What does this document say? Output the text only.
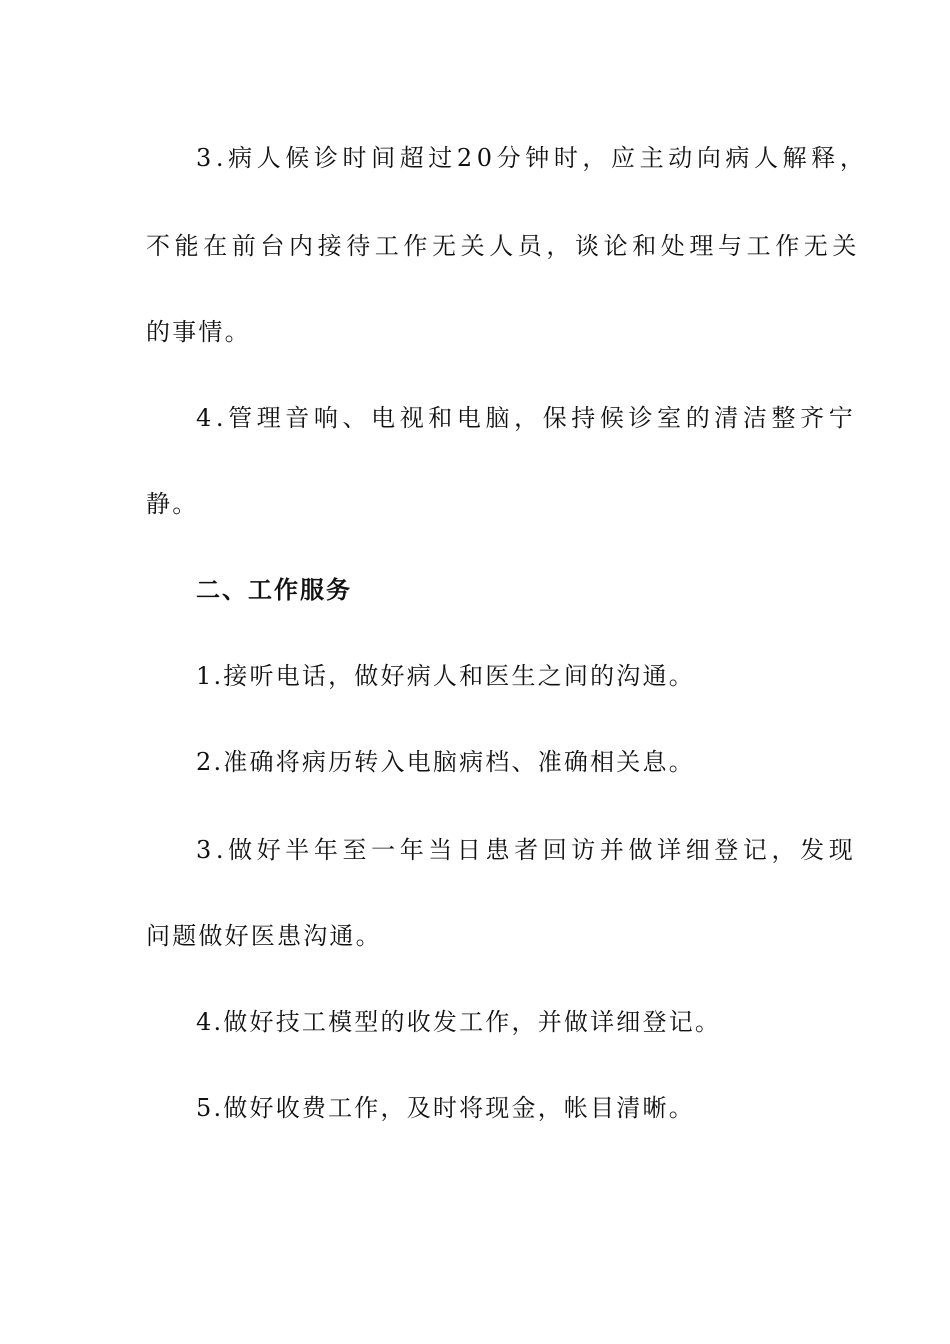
3.病人候诊时间超过20分钟时，应主动向病人解释，
不能在前台内接待工作无关人员，谈论和处理与工作无关
的事情。
4.管理音响、电视和电脑，保持候诊室的清洁整齐宁
静。
二、工作服务
1.接听电话，做好病人和医生之间的沟通。
2.准确将病历转入电脑病档、准确相关息。
3.做好半年至一年当日患者回访并做详细登记，发现
问题做好医患沟通。
4.做好技工模型的收发工作，并做详细登记。
5.做好收费工作，及时将现金，帐目清晰。
